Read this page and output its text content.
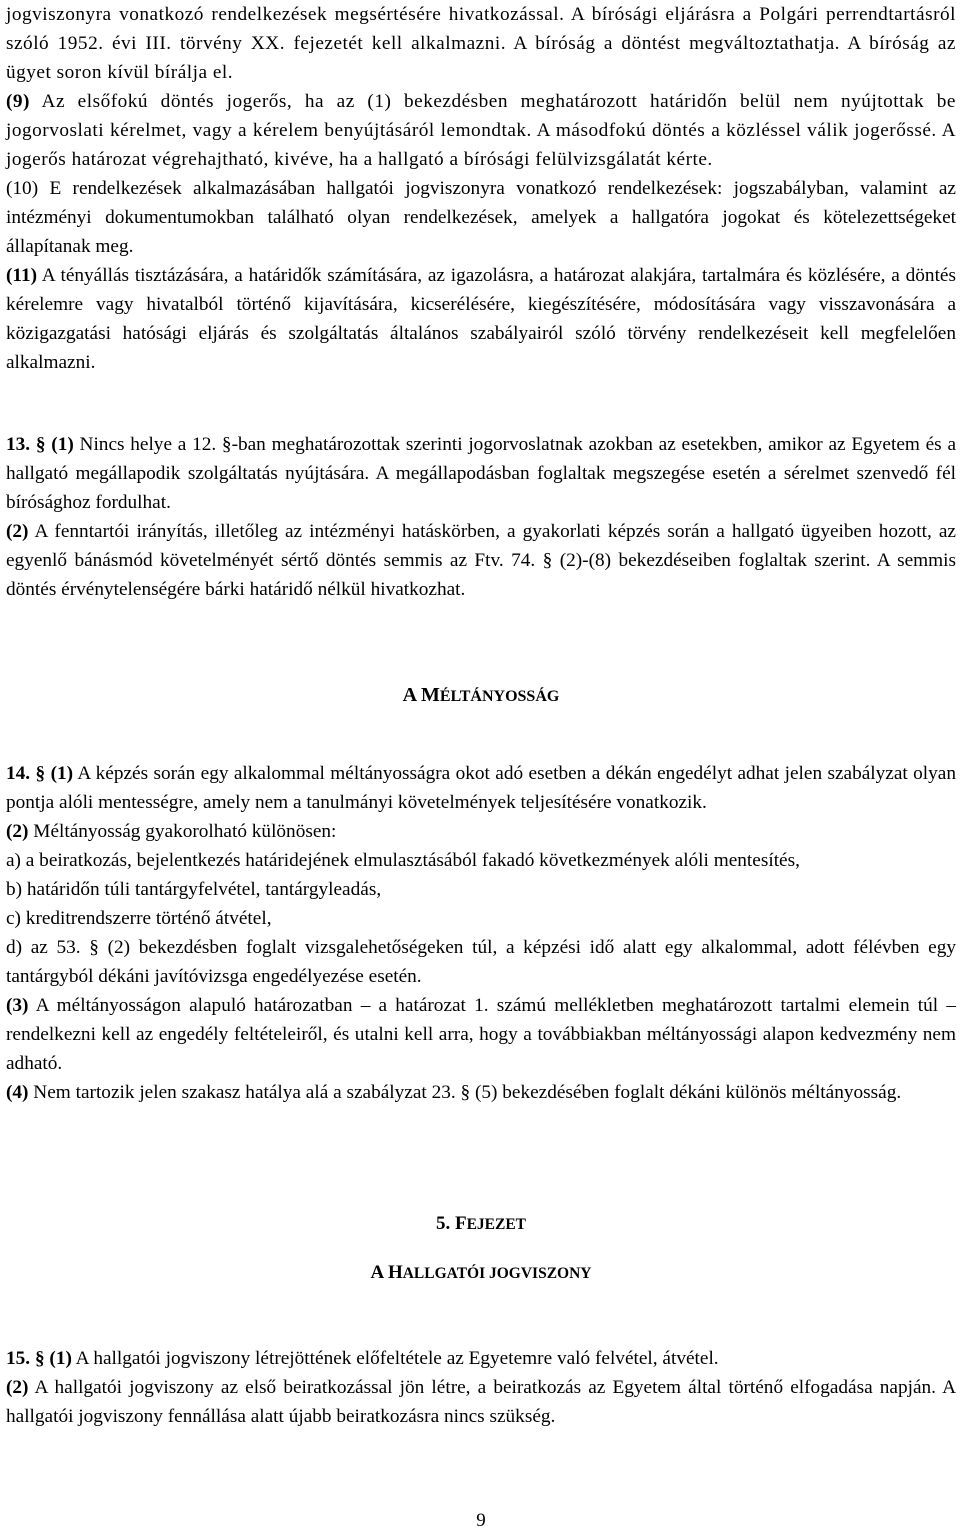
jogviszonyra vonatkozó rendelkezések megsértésére hivatkozással. A bírósági eljárásra a Polgári perrendtartásról szóló 1952. évi III. törvény XX. fejezetét kell alkalmazni. A bíróság a döntést megváltoztathatja. A bíróság az ügyet soron kívül bírálja el.

(9) Az elsőfokú döntés jogerős, ha az (1) bekezdésben meghatározott határidőn belül nem nyújtottak be jogorvoslati kérelmet, vagy a kérelem benyújtásáról lemondtak. A másodfokú döntés a közléssel válik jogerőssé. A jogerős határozat végrehajtható, kivéve, ha a hallgató a bírósági felülvizsgálatát kérte.

(10) E rendelkezések alkalmazásában hallgatói jogviszonyra vonatkozó rendelkezések: jogszabályban, valamint az intézményi dokumentumokban található olyan rendelkezések, amelyek a hallgatóra jogokat és kötelezettségeket állapítanak meg.

(11) A tényállás tisztázására, a határidők számítására, az igazolásra, a határozat alakjára, tartalmára és közlésére, a döntés kérelemre vagy hivatalból történő kijavítására, kicserélésére, kiegészítésére, módosítására vagy visszavonására a közigazgatási hatósági eljárás és szolgáltatás általános szabályairól szóló törvény rendelkezéseit kell megfelelően alkalmazni.

13. § (1) Nincs helye a 12. §-ban meghatározottak szerinti jogorvoslatnak azokban az esetekben, amikor az Egyetem és a hallgató megállapodik szolgáltatás nyújtására. A megállapodásban foglaltak megszegése esetén a sérelmet szenvedő fél bírósághoz fordulhat.

(2) A fenntartói irányítás, illetőleg az intézményi hatáskörben, a gyakorlati képzés során a hallgató ügyeiben hozott, az egyenlő bánásmód követelményét sértő döntés semmis az Ftv. 74. § (2)-(8) bekezdéseiben foglaltak szerint. A semmis döntés érvénytelenségére bárki határidő nélkül hivatkozhat.

A MÉLTÁNYOSSÁG

14. § (1) A képzés során egy alkalommal méltányosságra okot adó esetben a dékán engedélyt adhat jelen szabályzat olyan pontja alóli mentességre, amely nem a tanulmányi követelmények teljesítésére vonatkozik.

(2) Méltányosság gyakorolható különösen:

a) a beiratkozás, bejelentkezés határidejének elmulasztásából fakadó következmények alóli mentesítés,

b) határidőn túli tantárgyfelvétel, tantárgyleadás,

c) kreditrendszerre történő átvétel,

d) az 53. § (2) bekezdésben foglalt vizsgalehetőségeken túl, a képzési idő alatt egy alkalommal, adott félévben egy tantárgyból dékáni javítóvizsga engedélyezése esetén.

(3) A méltányosságon alapuló határozatban – a határozat 1. számú mellékletben meghatározott tartalmi elemein túl – rendelkezni kell az engedély feltételeiről, és utalni kell arra, hogy a továbbiakban méltányossági alapon kedvezmény nem adható.

(4) Nem tartozik jelen szakasz hatálya alá a szabályzat 23. § (5) bekezdésében foglalt dékáni különös méltányosság.

5. FEJEZET

A HALLGATÓI JOGVISZONY

15. § (1) A hallgatói jogviszony létrejöttének előfeltétele az Egyetemre való felvétel, átvétel.

(2) A hallgatói jogviszony az első beiratkozással jön létre, a beiratkozás az Egyetem által történő elfogadása napján. A hallgatói jogviszony fennállása alatt újabb beiratkozásra nincs szükség.

9
